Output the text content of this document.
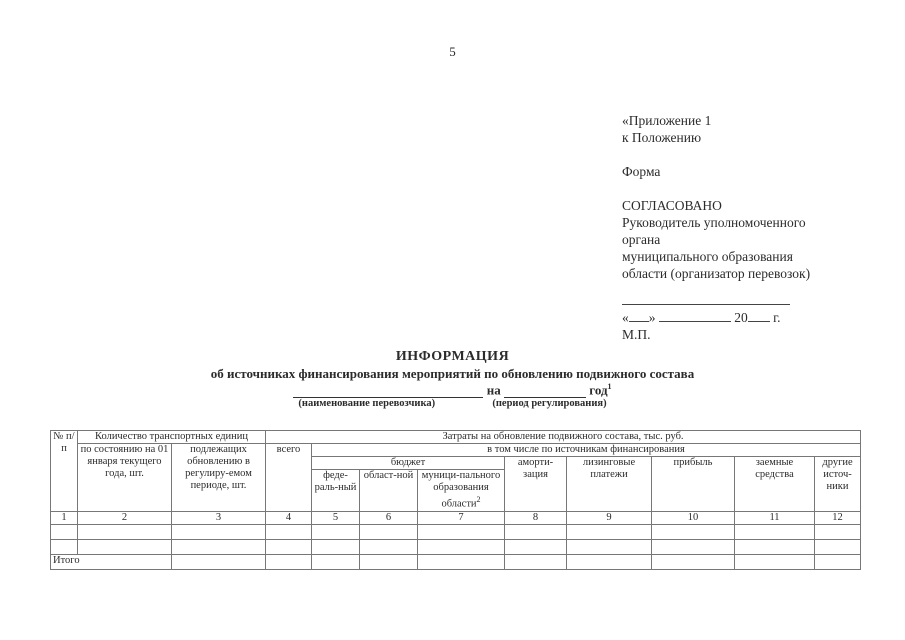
5
«Приложение 1
к Положению
Форма
СОГЛАСОВАНО
Руководитель уполномоченного
органа
муниципального образования
области (организатор перевозок)
« »	20 г.
М.П.
ИНФОРМАЦИЯ
об источниках финансирования мероприятий по обновлению подвижного состава
на	год$^1$
(наименование перевозчика)	(период регулирования)
№ п/п	Количество транспортных единиц		Затраты на обновление подвижного состава, тыс. руб.								
	по состоянию на 01 января текущего года, шт.	подлежащих обновлению в регулиру-емом периоде, шт.	всего	в том числе по источникам финансирования							
				бюджет			аморти-зация	лизинговые платежи	прибыль	заемные средства	другие источ-ники
				феде-раль-ный	област-ной	муници-пального образования области$^2$
1	2	3	4	5	6	7	8	9	10	11	12

Итого											
